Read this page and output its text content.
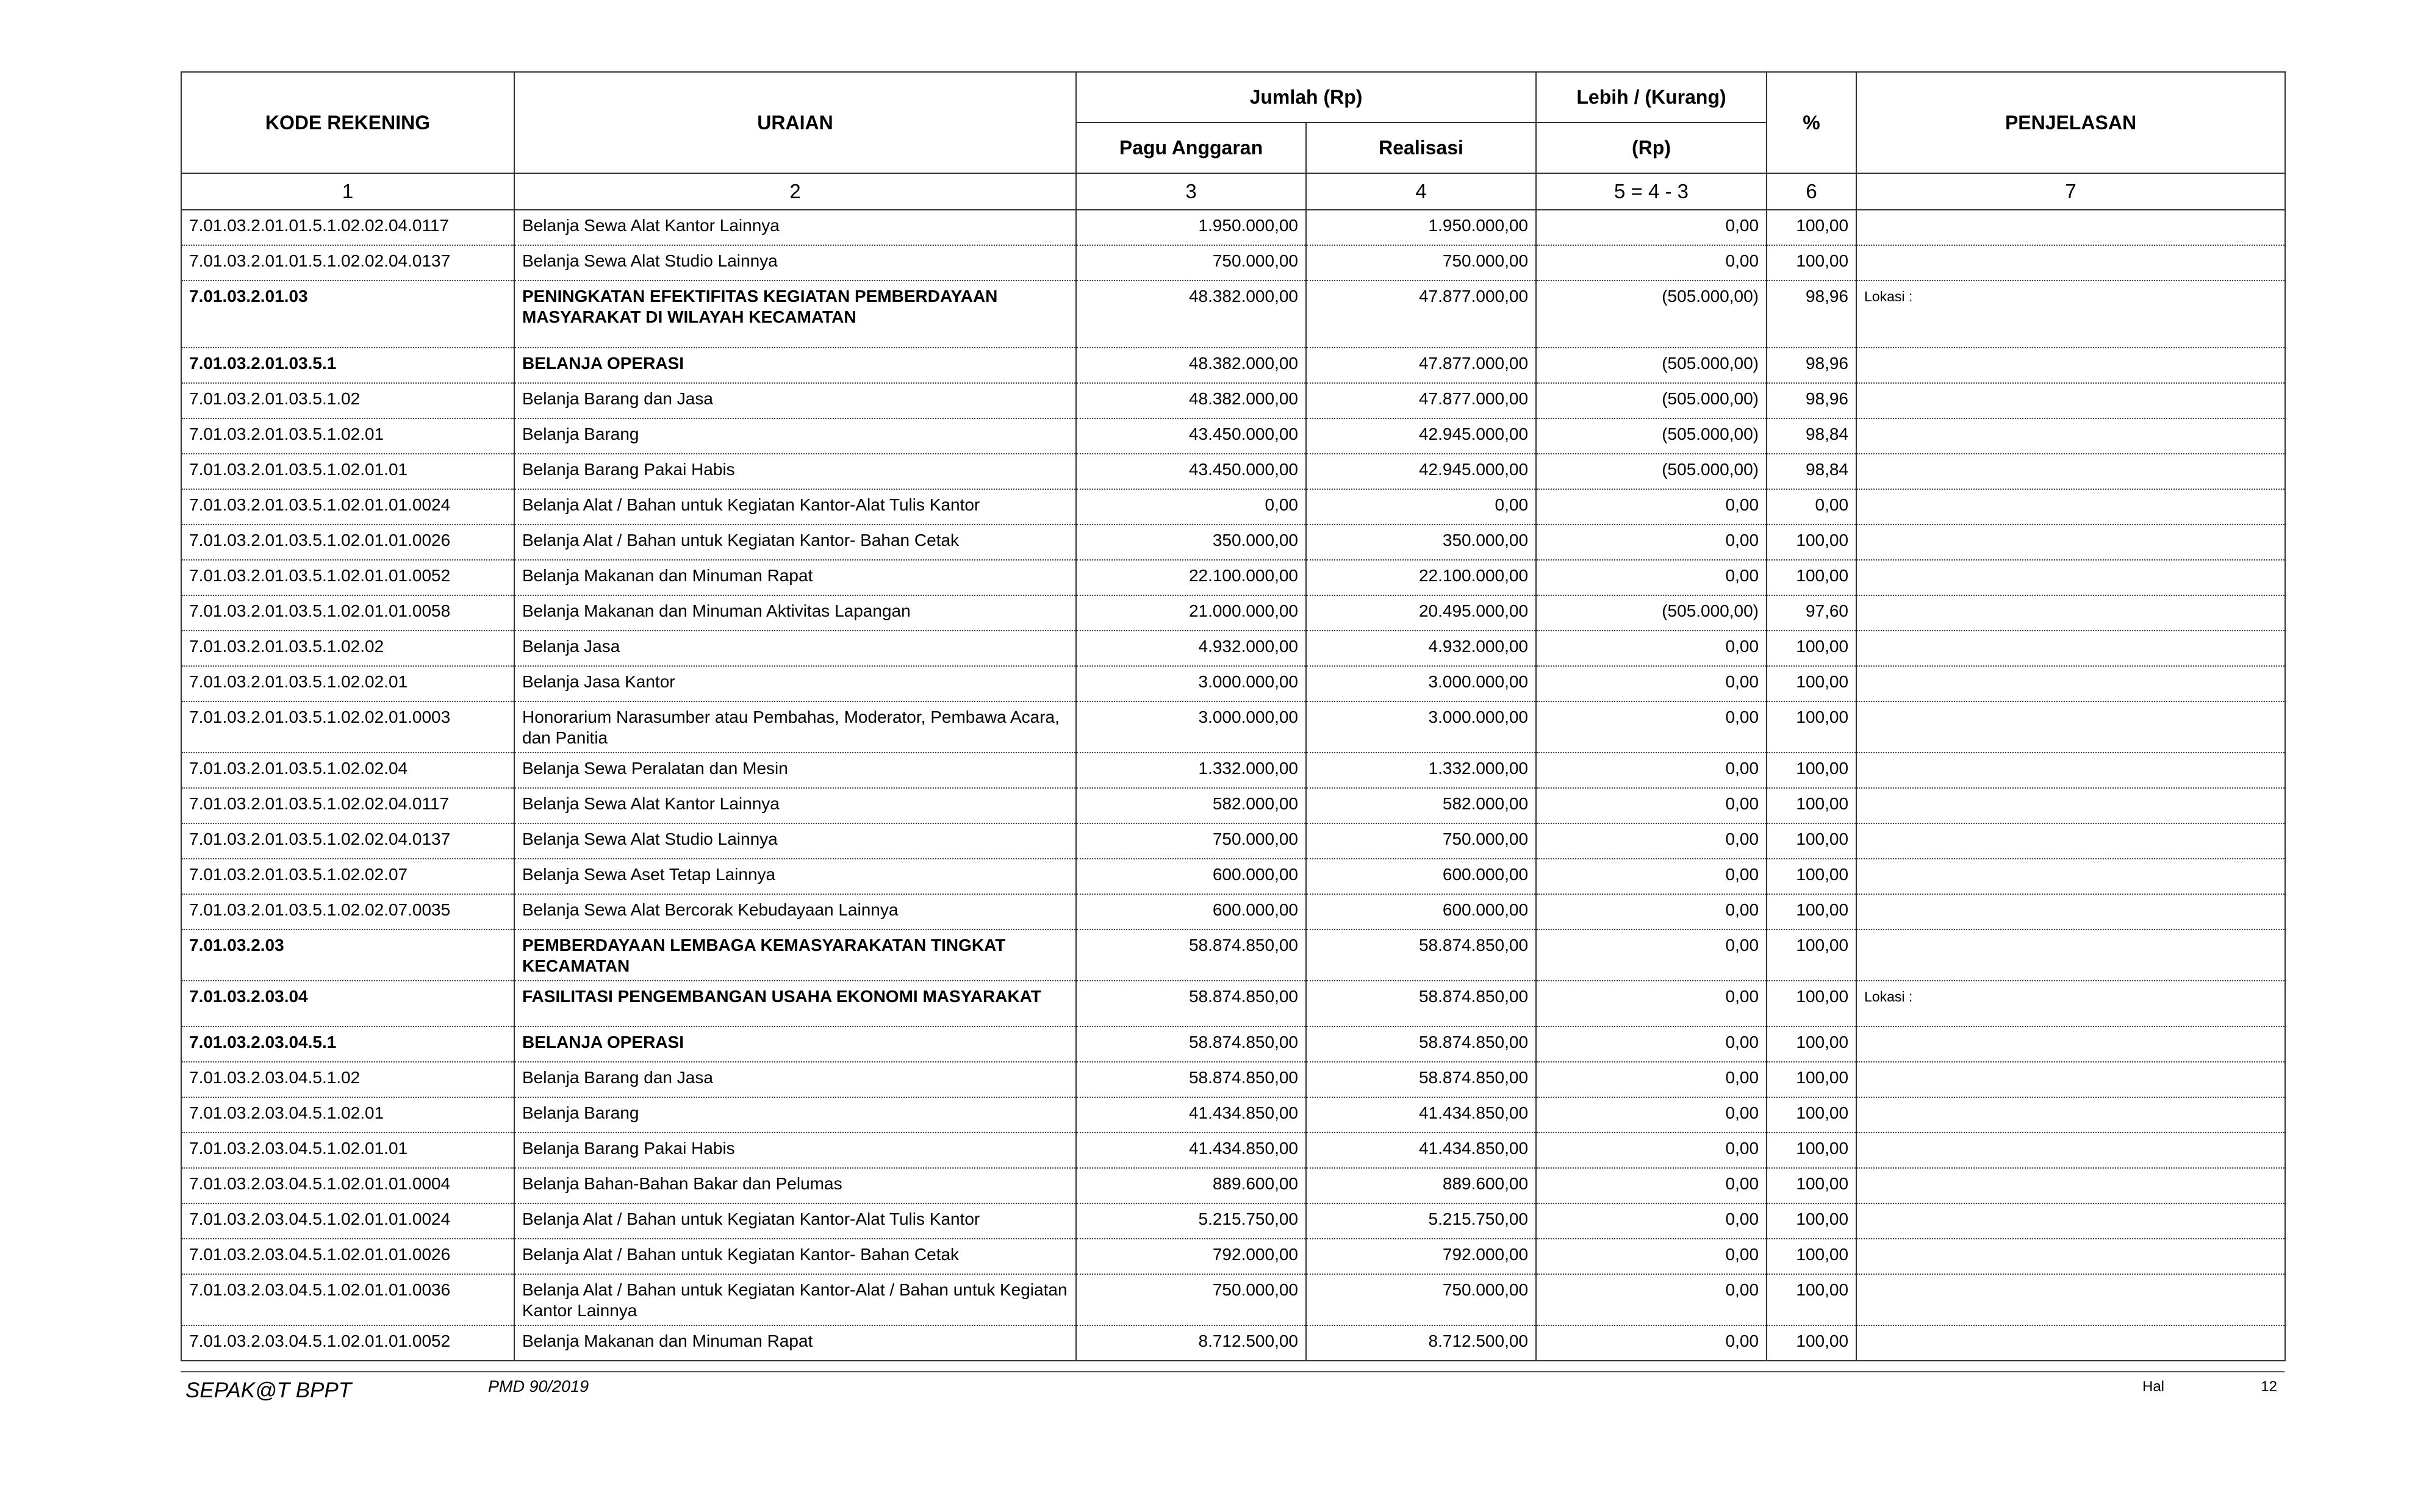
KODE REKENING	URAIAN	Jumlah (Rp)		Lebih / (Kurang)	%	PENJELASAN
		Pagu Anggaran	Realisasi	(Rp)		
1	2	3	4	5 = 4 - 3	6	7
7.01.03.2.01.01.5.1.02.02.04.0117	Belanja Sewa Alat Kantor Lainnya	1.950.000,00	1.950.000,00	0,00	100,00	
7.01.03.2.01.01.5.1.02.02.04.0137	Belanja Sewa Alat Studio Lainnya	750.000,00	750.000,00	0,00	100,00	
7.01.03.2.01.03	PENINGKATAN EFEKTIFITAS KEGIATAN PEMBERDAYAAN MASYARAKAT DI WILAYAH KECAMATAN	48.382.000,00	47.877.000,00	(505.000,00)	98,96	Lokasi :
7.01.03.2.01.03.5.1	BELANJA OPERASI	48.382.000,00	47.877.000,00	(505.000,00)	98,96	
7.01.03.2.01.03.5.1.02	Belanja Barang dan Jasa	48.382.000,00	47.877.000,00	(505.000,00)	98,96	
7.01.03.2.01.03.5.1.02.01	Belanja Barang	43.450.000,00	42.945.000,00	(505.000,00)	98,84	
7.01.03.2.01.03.5.1.02.01.01	Belanja Barang Pakai Habis	43.450.000,00	42.945.000,00	(505.000,00)	98,84	
7.01.03.2.01.03.5.1.02.01.01.0024	Belanja Alat / Bahan untuk Kegiatan Kantor-Alat Tulis Kantor	0,00	0,00	0,00	0,00	
7.01.03.2.01.03.5.1.02.01.01.0026	Belanja Alat / Bahan untuk Kegiatan Kantor- Bahan Cetak	350.000,00	350.000,00	0,00	100,00	
7.01.03.2.01.03.5.1.02.01.01.0052	Belanja Makanan dan Minuman Rapat	22.100.000,00	22.100.000,00	0,00	100,00	
7.01.03.2.01.03.5.1.02.01.01.0058	Belanja Makanan dan Minuman Aktivitas Lapangan	21.000.000,00	20.495.000,00	(505.000,00)	97,60	
7.01.03.2.01.03.5.1.02.02	Belanja Jasa	4.932.000,00	4.932.000,00	0,00	100,00	
7.01.03.2.01.03.5.1.02.02.01	Belanja Jasa Kantor	3.000.000,00	3.000.000,00	0,00	100,00	
7.01.03.2.01.03.5.1.02.02.01.0003	Honorarium Narasumber atau Pembahas, Moderator, Pembawa Acara, dan Panitia	3.000.000,00	3.000.000,00	0,00	100,00	
7.01.03.2.01.03.5.1.02.02.04	Belanja Sewa Peralatan dan Mesin	1.332.000,00	1.332.000,00	0,00	100,00	
7.01.03.2.01.03.5.1.02.02.04.0117	Belanja Sewa Alat Kantor Lainnya	582.000,00	582.000,00	0,00	100,00	
7.01.03.2.01.03.5.1.02.02.04.0137	Belanja Sewa Alat Studio Lainnya	750.000,00	750.000,00	0,00	100,00	
7.01.03.2.01.03.5.1.02.02.07	Belanja Sewa Aset Tetap Lainnya	600.000,00	600.000,00	0,00	100,00	
7.01.03.2.01.03.5.1.02.02.07.0035	Belanja Sewa Alat Bercorak Kebudayaan Lainnya	600.000,00	600.000,00	0,00	100,00	
7.01.03.2.03	PEMBERDAYAAN LEMBAGA KEMASYARAKATAN TINGKAT KECAMATAN	58.874.850,00	58.874.850,00	0,00	100,00	
7.01.03.2.03.04	FASILITASI PENGEMBANGAN USAHA EKONOMI MASYARAKAT	58.874.850,00	58.874.850,00	0,00	100,00	Lokasi :
7.01.03.2.03.04.5.1	BELANJA OPERASI	58.874.850,00	58.874.850,00	0,00	100,00	
7.01.03.2.03.04.5.1.02	Belanja Barang dan Jasa	58.874.850,00	58.874.850,00	0,00	100,00	
7.01.03.2.03.04.5.1.02.01	Belanja Barang	41.434.850,00	41.434.850,00	0,00	100,00	
7.01.03.2.03.04.5.1.02.01.01	Belanja Barang Pakai Habis	41.434.850,00	41.434.850,00	0,00	100,00	
7.01.03.2.03.04.5.1.02.01.01.0004	Belanja Bahan-Bahan Bakar dan Pelumas	889.600,00	889.600,00	0,00	100,00	
7.01.03.2.03.04.5.1.02.01.01.0024	Belanja Alat / Bahan untuk Kegiatan Kantor-Alat Tulis Kantor	5.215.750,00	5.215.750,00	0,00	100,00	
7.01.03.2.03.04.5.1.02.01.01.0026	Belanja Alat / Bahan untuk Kegiatan Kantor- Bahan Cetak	792.000,00	792.000,00	0,00	100,00	
7.01.03.2.03.04.5.1.02.01.01.0036	Belanja Alat / Bahan untuk Kegiatan Kantor-Alat / Bahan untuk Kegiatan Kantor Lainnya	750.000,00	750.000,00	0,00	100,00	
7.01.03.2.03.04.5.1.02.01.01.0052	Belanja Makanan dan Minuman Rapat	8.712.500,00	8.712.500,00	0,00	100,00	
SEPAK@T BPPT	PMD 90/2019	Hal	12
